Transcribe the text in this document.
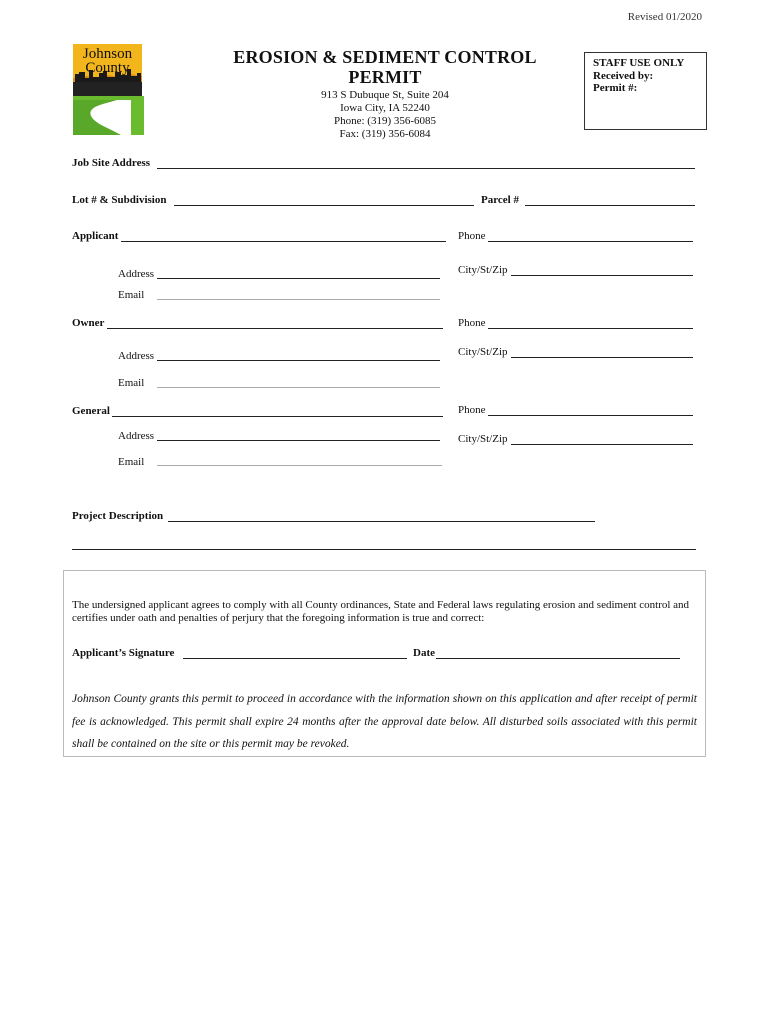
Revised 01/2020
Johnson
County
EROSION & SEDIMENT CONTROL
PERMIT
913 S Dubuque St, Suite 204
Iowa City, IA 52240
Phone: (319) 356-6085
Fax: (319) 356-6084
STAFF USE ONLY
Received by:
Permit #:
Job Site Address
Lot # & Subdivision	Parcel #
Applicant	Phone
Address	City/St/Zip
Email
Owner	Phone
Address	City/St/Zip
Email
General	Phone
Address	City/St/Zip
Email
Project Description
The undersigned applicant agrees to comply with all County ordinances, State and Federal laws regulating erosion and sediment control and certifies under oath and penalties of perjury that the foregoing information is true and correct:
Applicant’s Signature	Date
Johnson County grants this permit to proceed in accordance with the information shown on this application and after receipt of permit fee is acknowledged. This permit shall expire 24 months after the approval date below. All disturbed soils associated with this permit shall be contained on the site or this permit may be revoked.
